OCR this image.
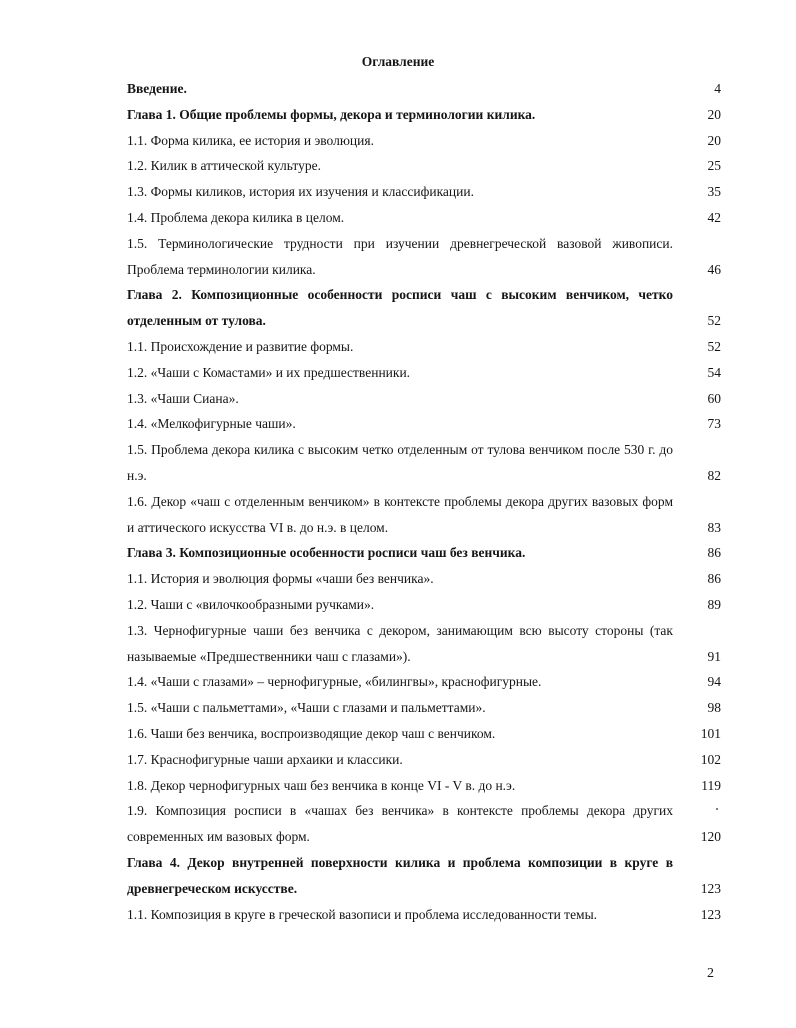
Оглавление
Введение.	4
Глава 1. Общие проблемы формы, декора и терминологии килика.	20
1.1. Форма килика, ее история и эволюция.	20
1.2. Килик в аттической культуре.	25
1.3. Формы киликов, история их изучения и классификации.	35
1.4. Проблема декора килика в целом.	42
1.5. Терминологические трудности при изучении древнегреческой вазовой живописи. Проблема терминологии килика.	46
Глава 2. Композиционные особенности росписи чаш с высоким венчиком, четко отделенным от тулова.	52
1.1. Происхождение и развитие формы.	52
1.2. «Чаши с Комастами» и их предшественники.	54
1.3. «Чаши Сиана».	60
1.4. «Мелкофигурные чаши».	73
1.5. Проблема декора килика с высоким четко отделенным от тулова венчиком после 530 г. до н.э.	82
1.6. Декор «чаш с отделенным венчиком» в контексте проблемы декора других вазовых форм и аттического искусства VI в. до н.э. в целом.	83
Глава 3. Композиционные особенности росписи чаш без венчика.	86
1.1. История и эволюция формы «чаши без венчика».	86
1.2. Чаши с «вилочкообразными ручками».	89
1.3. Чернофигурные чаши без венчика с декором, занимающим всю высоту стороны (так называемые «Предшественники чаш с глазами»).	91
1.4. «Чаши с глазами» – чернофигурные, «билингвы», краснофигурные.	94
1.5. «Чаши с пальметтами», «Чаши с глазами и пальметтами».	98
1.6. Чаши без венчика, воспроизводящие декор чаш с венчиком.	101
1.7. Краснофигурные чаши архаики и классики.	102
1.8. Декор чернофигурных чаш без венчика в конце VI - V в. до н.э.	119
1.9. Композиция росписи в «чашах без венчика» в контексте проблемы декора других современных им вазовых форм.	120
Глава 4. Декор внутренней поверхности килика и проблема композиции в круге в древнегреческом искусстве.	123
1.1. Композиция в круге в греческой вазописи и проблема исследованности темы.	123
2
